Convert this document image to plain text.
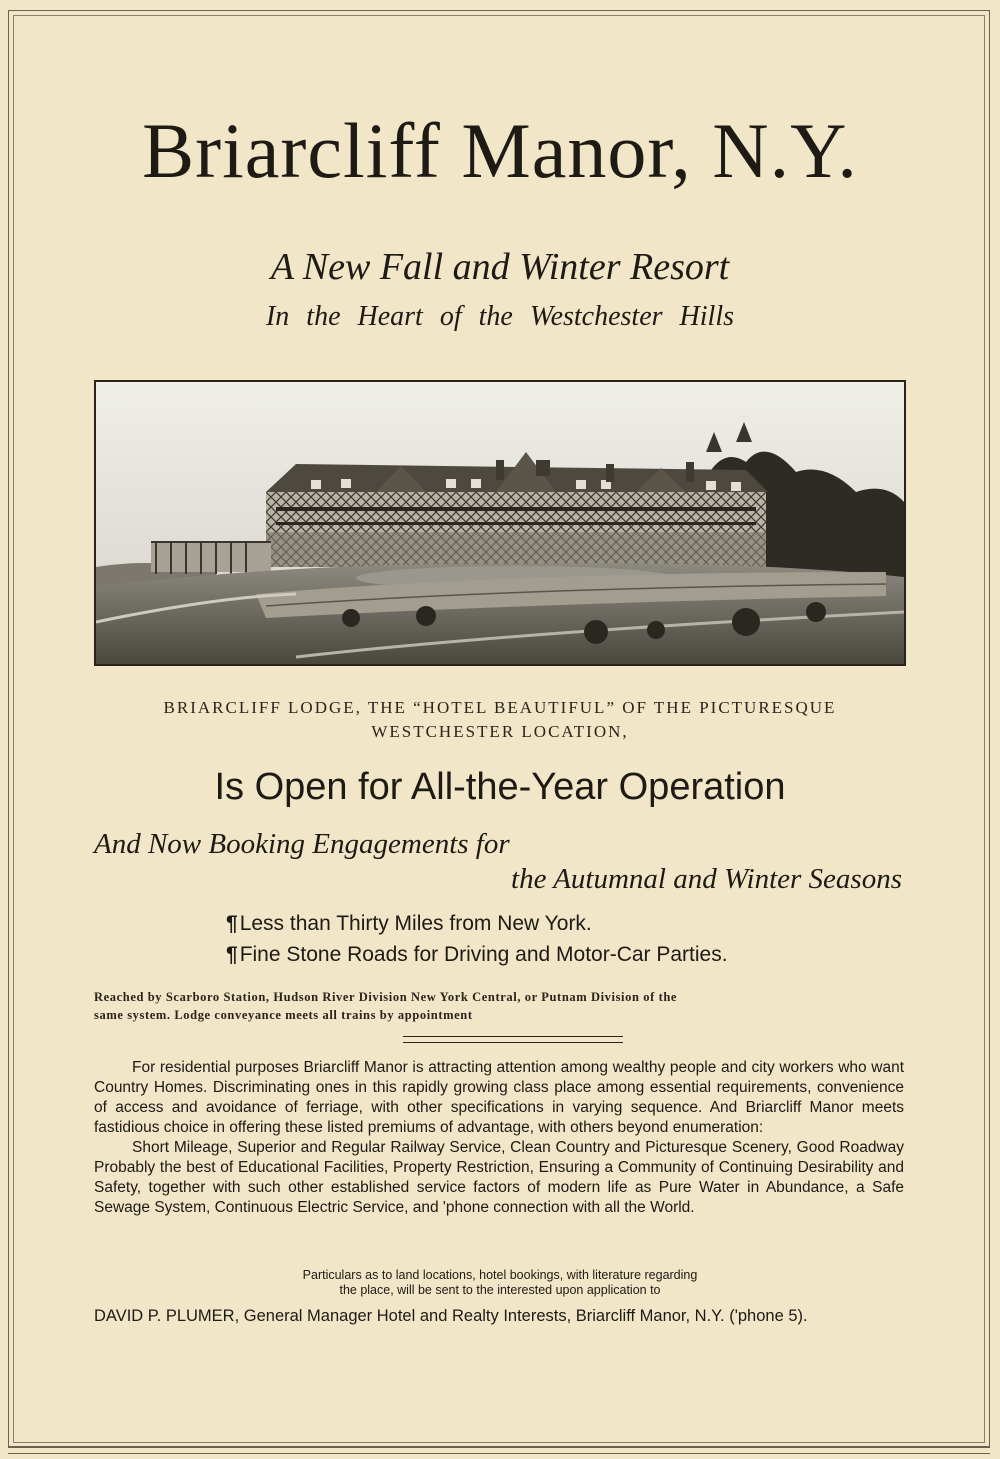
Briarcliff Manor, N.Y.
A New Fall and Winter Resort
In the Heart of the Westchester Hills
BRIARCLIFF LODGE, THE “HOTEL BEAUTIFUL” OF THE PICTURESQUE
WESTCHESTER LOCATION,
Is Open for All-the-Year Operation
And Now Booking Engagements for
the Autumnal and Winter Seasons
¶Less than Thirty Miles from New York.
¶Fine Stone Roads for Driving and Motor-Car Parties.
Reached by Scarboro Station, Hudson River Division New York Central, or Putnam Division of the
same system. Lodge conveyance meets all trains by appointment

For residential purposes Briarcliff Manor is attracting attention among wealthy people and city workers who want Country Homes. Discriminating ones in this rapidly growing class place among essential requirements, convenience of access and avoidance of ferriage, with other specifications in varying sequence. And Briarcliff Manor meets fastidious choice in offering these listed premiums of advantage, with others beyond enumeration:

Short Mileage, Superior and Regular Railway Service, Clean Country and Picturesque Scenery, Good Roadway Probably the best of Educational Facilities, Property Restriction, Ensuring a Community of Continuing Desirability and Safety, together with such other established service factors of modern life as Pure Water in Abundance, a Safe Sewage System, Continuous Electric Service, and 'phone connection with all the World.

Particulars as to land locations, hotel bookings, with literature regarding
the place, will be sent to the interested upon application to
DAVID P. PLUMER, General Manager Hotel and Realty Interests, Briarcliff Manor, N.Y. ('phone 5).
